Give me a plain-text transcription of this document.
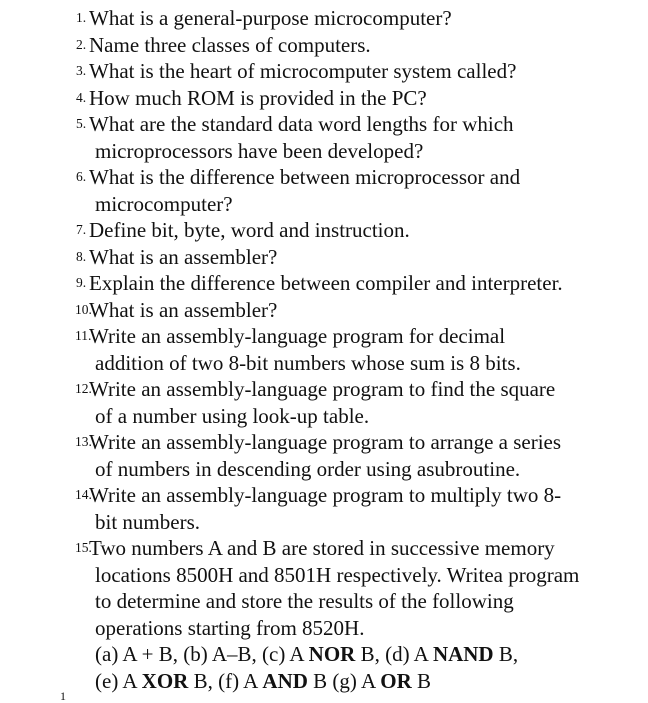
1. What is a general-purpose microcomputer?
2. Name three classes of computers.
3. What is the heart of microcomputer system called?
4. How much ROM is provided in the PC?
5. What are the standard data word lengths for which
microprocessors have been developed?
6. What is the difference between microprocessor and
microcomputer?
7. Define bit, byte, word and instruction.
8. What is an assembler?
9. Explain the difference between compiler and interpreter.
10.
What is an assembler?
11.
Write an assembly-language program for decimal
addition of two 8-bit numbers whose sum is 8 bits.
12.
Write an assembly-language program to find the square
of a number using look-up table.
13.
Write an assembly-language program to arrange a series
of numbers in descending order using asubroutine.
14.
Write an assembly-language program to multiply two 8-
bit numbers.
15.
Two numbers A and B are stored in successive memory
locations 8500H and 8501H respectively. Writea program
to determine and store the results of the following
operations starting from 8520H.
(a) A + B, (b) A–B, (c) A NOR B, (d) A NAND B,
(e) A XOR B, (f) A AND B (g) A OR B
1
